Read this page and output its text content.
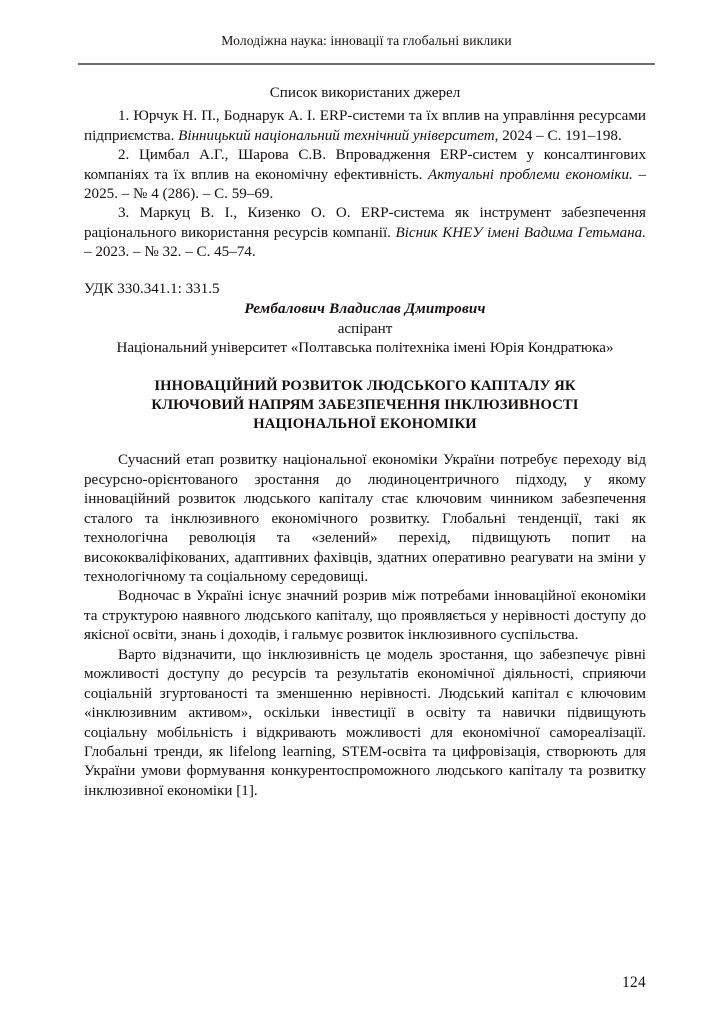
Молодіжна наука: інновації та глобальні виклики
Список використаних джерел

1. Юрчук Н. П., Боднарук А. І. ERP-системи та їх вплив на управління ресурсами підприємства. Вінницький національний технічний університет, 2024 – С. 191–198.

2. Цимбал А.Г., Шарова С.В. Впровадження ERP-систем у консалтингових компаніях та їх вплив на економічну ефективність. Актуальні проблеми економіки. – 2025. – № 4 (286). – С. 59–69.

3. Маркуц В. І., Кизенко О. О. ERP-система як інструмент забезпечення раціонального використання ресурсів компанії. Вісник КНЕУ імені Вадима Гетьмана. – 2023. – № 32. – С. 45–74.

УДК 330.341.1: 331.5
Рембалович Владислав Дмитрович
аспірант
Національний університет «Полтавська політехніка імені Юрія Кондратюка»
ІННОВАЦІЙНИЙ РОЗВИТОК ЛЮДСЬКОГО КАПІТАЛУ ЯК
КЛЮЧОВИЙ НАПРЯМ ЗАБЕЗПЕЧЕННЯ ІНКЛЮЗИВНОСТІ
НАЦІОНАЛЬНОЇ ЕКОНОМІКИ

Сучасний етап розвитку національної економіки України потребує переходу від ресурсно-орієнтованого зростання до людиноцентричного підходу, у якому інноваційний розвиток людського капіталу стає ключовим чинником забезпечення сталого та інклюзивного економічного розвитку. Глобальні тенденції, такі як технологічна революція та «зелений» перехід, підвищують попит на висококваліфікованих, адаптивних фахівців, здатних оперативно реагувати на зміни у технологічному та соціальному середовищі.

Водночас в Україні існує значний розрив між потребами інноваційної економіки та структурою наявного людського капіталу, що проявляється у нерівності доступу до якісної освіти, знань і доходів, і гальмує розвиток інклюзивного суспільства.

Варто відзначити, що інклюзивність це модель зростання, що забезпечує рівні можливості доступу до ресурсів та результатів економічної діяльності, сприяючи соціальній згуртованості та зменшенню нерівності. Людський капітал є ключовим «інклюзивним активом», оскільки інвестиції в освіту та навички підвищують соціальну мобільність і відкривають можливості для економічної самореалізації. Глобальні тренди, як lifelong learning, STEM-освіта та цифровізація, створюють для України умови формування конкурентоспроможного людського капіталу та розвитку інклюзивної економіки [1].

124
